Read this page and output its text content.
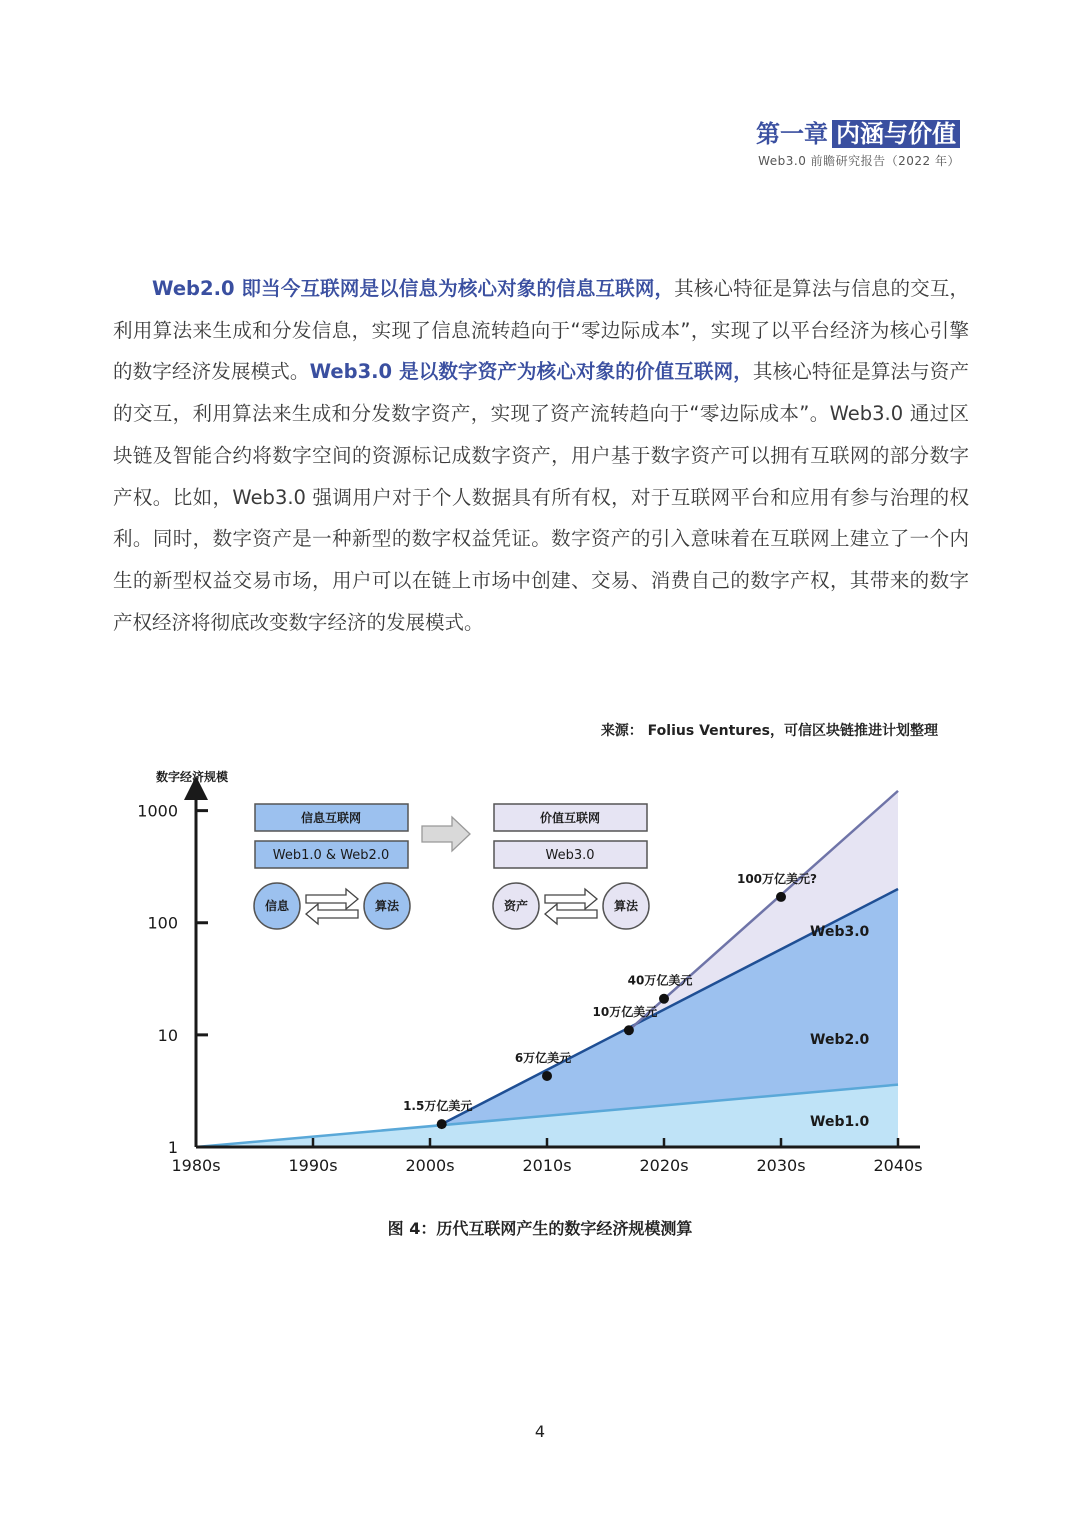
第一章 内涵与价值
Web3.0 前瞻研究报告（2022 年）
Web2.0 即当今互联网是以信息为核心对象的信息互联网，其核心特征是算法与信息的交互，利用算法来生成和分发信息，实现了信息流转趋向于“零边际成本”，实现了以平台经济为核心引擎的数字经济发展模式。Web3.0 是以数字资产为核心对象的价值互联网，其核心特征是算法与资产的交互，利用算法来生成和分发数字资产，实现了资产流转趋向于“零边际成本”。Web3.0 通过区块链及智能合约将数字空间的资源标记成数字资产，用户基于数字资产可以拥有互联网的部分数字产权。比如，Web3.0 强调用户对于个人数据具有所有权，对于互联网平台和应用有参与治理的权利。同时，数字资产是一种新型的数字权益凭证。数字资产的引入意味着在互联网上建立了一个内生的新型权益交易市场，用户可以在链上市场中创建、交易、消费自己的数字产权，其带来的数字产权经济将彻底改变数字经济的发展模式。
来源： Folius Ventures，可信区块链推进计划整理
数字经济规模
1
10
100
1000
1980s	1990s	2000s	2010s	2020s	2030s	2040s
1.5万亿美元
6万亿美元
10万亿美元
40万亿美元
100万亿美元?
Web3.0
Web2.0
Web1.0
信息互联网
Web1.0 & Web2.0
信息	算法
价值互联网
Web3.0
资产	算法
图 4：历代互联网产生的数字经济规模测算
4
